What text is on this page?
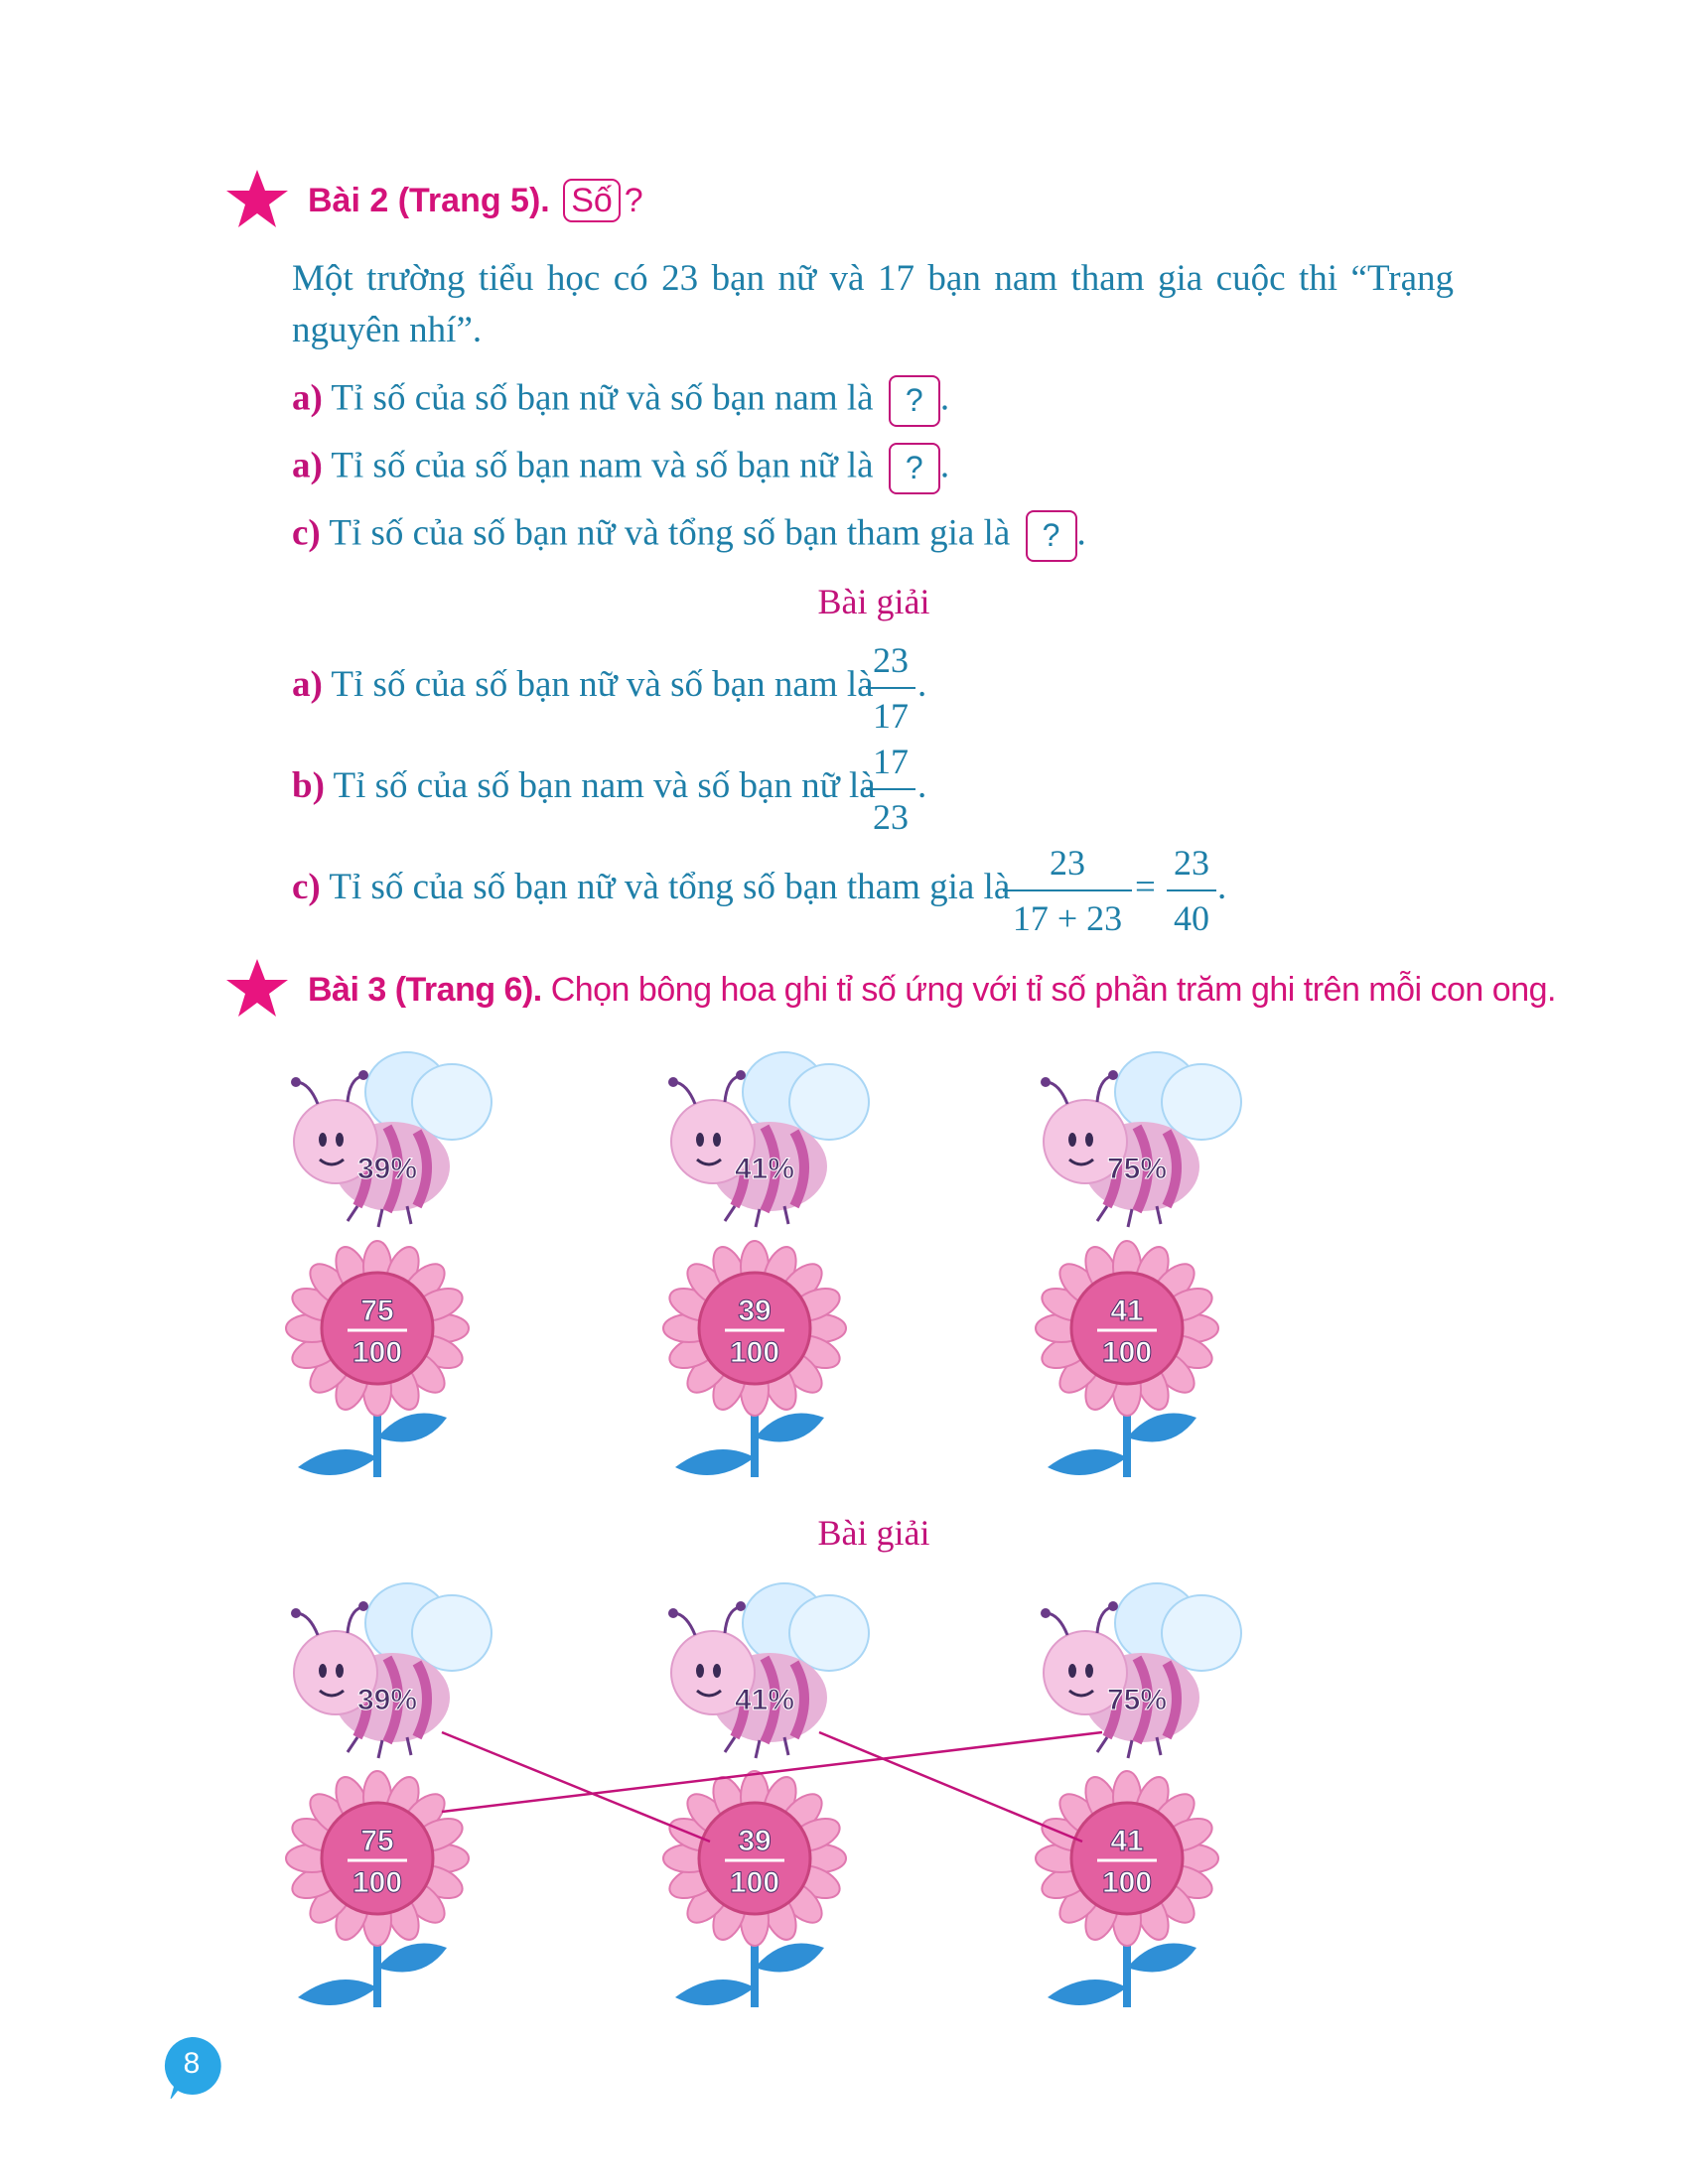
Bài 2 (Trang 5). Số ?
Một trường tiểu học có 23 bạn nữ và 17 bạn nam tham gia cuộc thi “Trạng nguyên nhí”.
a) Tỉ số của số bạn nữ và số bạn nam là ? .
a) Tỉ số của số bạn nam và số bạn nữ là ? .
c) Tỉ số của số bạn nữ và tổng số bạn tham gia là ? .
Bài giải
a) Tỉ số của số bạn nữ và số bạn nam là
23
17
.
b) Tỉ số của số bạn nam và số bạn nữ là
17
23
.
c) Tỉ số của số bạn nữ và tổng số bạn tham gia là
23
17 + 23
=
23
40
.
Bài 3 (Trang 6). Chọn bông hoa ghi tỉ số ứng với tỉ số phần trăm ghi trên mỗi con ong.
39%	41%	75%
75
100
39
100
41
100
Bài giải
39%	41%	75%
75
100
39
100
41
100
8
